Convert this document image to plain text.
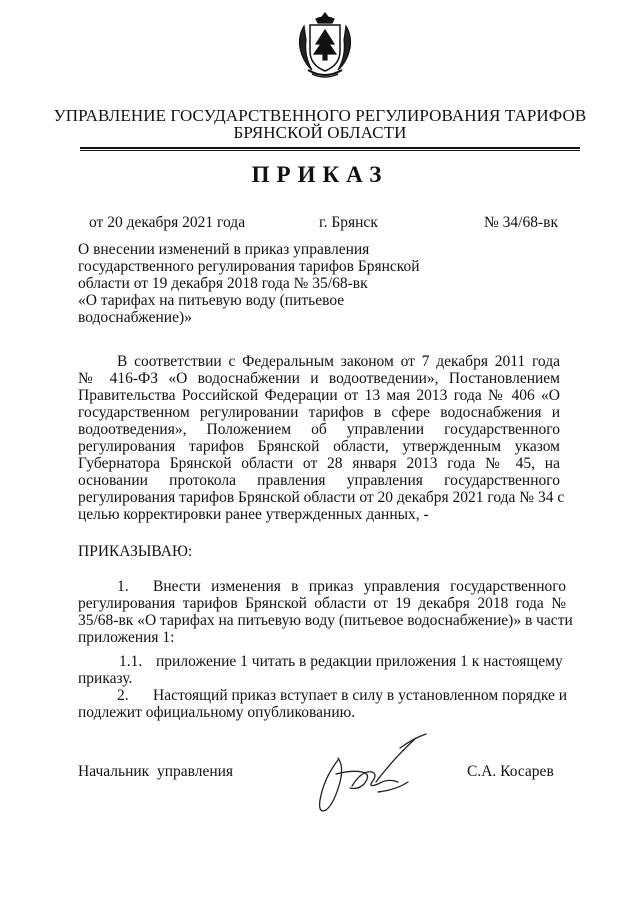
УПРАВЛЕНИЕ ГОСУДАРСТВЕННОГО РЕГУЛИРОВАНИЯ ТАРИФОВ
БРЯНСКОЙ ОБЛАСТИ
ПРИКАЗ
от 20 декабря 2021 года	г. Брянск	№ 34/68-вк
О внесении изменений в приказ управления
государственного регулирования тарифов Брянской
области от 19 декабря 2018 года № 35/68-вк
«О тарифах на питьевую воду (питьевое
водоснабжение)»
В соответствии с Федеральным законом от 7 декабря 2011 года
№ 416-ФЗ «О водоснабжении и водоотведении», Постановлением
Правительства Российской Федерации от 13 мая 2013 года № 406 «О
государственном регулировании тарифов в сфере водоснабжения и
водоотведения», Положением об управлении государственного
регулирования тарифов Брянской области, утвержденным указом
Губернатора Брянской области от 28 января 2013 года № 45, на
основании протокола правления управления государственного
регулирования тарифов Брянской области от 20 декабря 2021 года № 34 с
целью корректировки ранее утвержденных данных, -
ПРИКАЗЫВАЮ:
1. Внести изменения в приказ управления государственного
регулирования тарифов Брянской области от 19 декабря 2018 года №
35/68-вк «О тарифах на питьевую воду (питьевое водоснабжение)» в части
приложения 1:
1.1. приложение 1 читать в редакции приложения 1 к настоящему
приказу.
2. Настоящий приказ вступает в силу в установленном порядке и
подлежит официальному опубликованию.
Начальник  управления	С.А. Косарев
